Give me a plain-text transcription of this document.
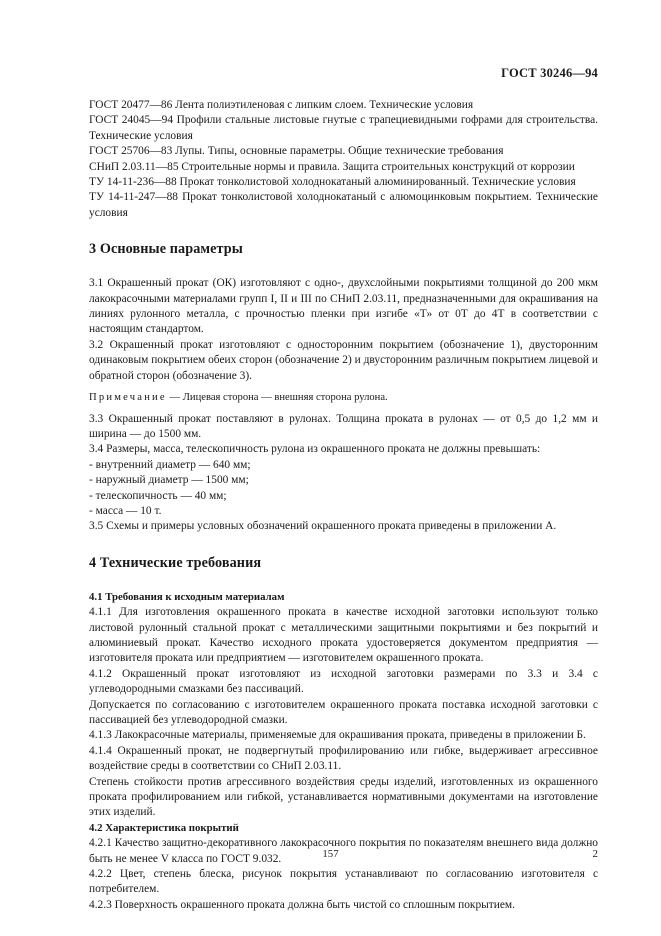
ГОСТ 30246—94

ГОСТ 20477—86 Лента полиэтиленовая с липким слоем. Технические условия

ГОСТ 24045—94 Профили стальные листовые гнутые с трапециевидными гофрами для строительства. Технические условия

ГОСТ 25706—83 Лупы. Типы, основные параметры. Общие технические требования

СНиП 2.03.11—85 Строительные нормы и правила. Защита строительных конструкций от коррозии

ТУ 14-11-236—88 Прокат тонколистовой холоднокатаный алюминированный. Технические условия

ТУ 14-11-247—88 Прокат тонколистовой холоднокатаный с алюмоцинковым покрытием. Технические условия

3 Основные параметры

3.1 Окрашенный прокат (ОК) изготовляют с одно-, двухслойными покрытиями толщиной до 200 мкм лакокрасочными материалами групп I, II и III по СНиП 2.03.11, предназначенными для окрашивания на линиях рулонного металла, с прочностью пленки при изгибе «Т» от 0Т до 4Т в соответствии с настоящим стандартом.

3.2 Окрашенный прокат изготовляют с односторонним покрытием (обозначение 1), двусторонним одинаковым покрытием обеих сторон (обозначение 2) и двусторонним различным покрытием лицевой и обратной сторон (обозначение 3).

Примечание — Лицевая сторона — внешняя сторона рулона.

3.3 Окрашенный прокат поставляют в рулонах. Толщина проката в рулонах — от 0,5 до 1,2 мм и ширина — до 1500 мм.

3.4 Размеры, масса, телескопичность рулона из окрашенного проката не должны превышать:

- внутренний диаметр — 640 мм;

- наружный диаметр — 1500 мм;

- телескопичность — 40 мм;

- масса — 10 т.

3.5 Схемы и примеры условных обозначений окрашенного проката приведены в приложении А.

4 Технические требования

4.1 Требования к исходным материалам

4.1.1 Для изготовления окрашенного проката в качестве исходной заготовки используют только листовой рулонный стальной прокат с металлическими защитными покрытиями и без покрытий и алюминиевый прокат. Качество исходного проката удостоверяется документом предприятия — изготовителя проката или предприятием — изготовителем окрашенного проката.

4.1.2 Окрашенный прокат изготовляют из исходной заготовки размерами по 3.3 и 3.4 с углеводородными смазками без пассиваций.

Допускается по согласованию с изготовителем окрашенного проката поставка исходной заготовки с пассивацией без углеводородной смазки.

4.1.3 Лакокрасочные материалы, применяемые для окрашивания проката, приведены в приложении Б.

4.1.4 Окрашенный прокат, не подвергнутый профилированию или гибке, выдерживает агрессивное воздействие среды в соответствии со СНиП 2.03.11.

Степень стойкости против агрессивного воздействия среды изделий, изготовленных из окрашенного проката профилированием или гибкой, устанавливается нормативными документами на изготовление этих изделий.

4.2 Характеристика покрытий

4.2.1 Качество защитно-декоративного лакокрасочного покрытия по показателям внешнего вида должно быть не менее V класса по ГОСТ 9.032.

4.2.2 Цвет, степень блеска, рисунок покрытия устанавливают по согласованию изготовителя с потребителем.

4.2.3 Поверхность окрашенного проката должна быть чистой со сплошным покрытием.

157	2
